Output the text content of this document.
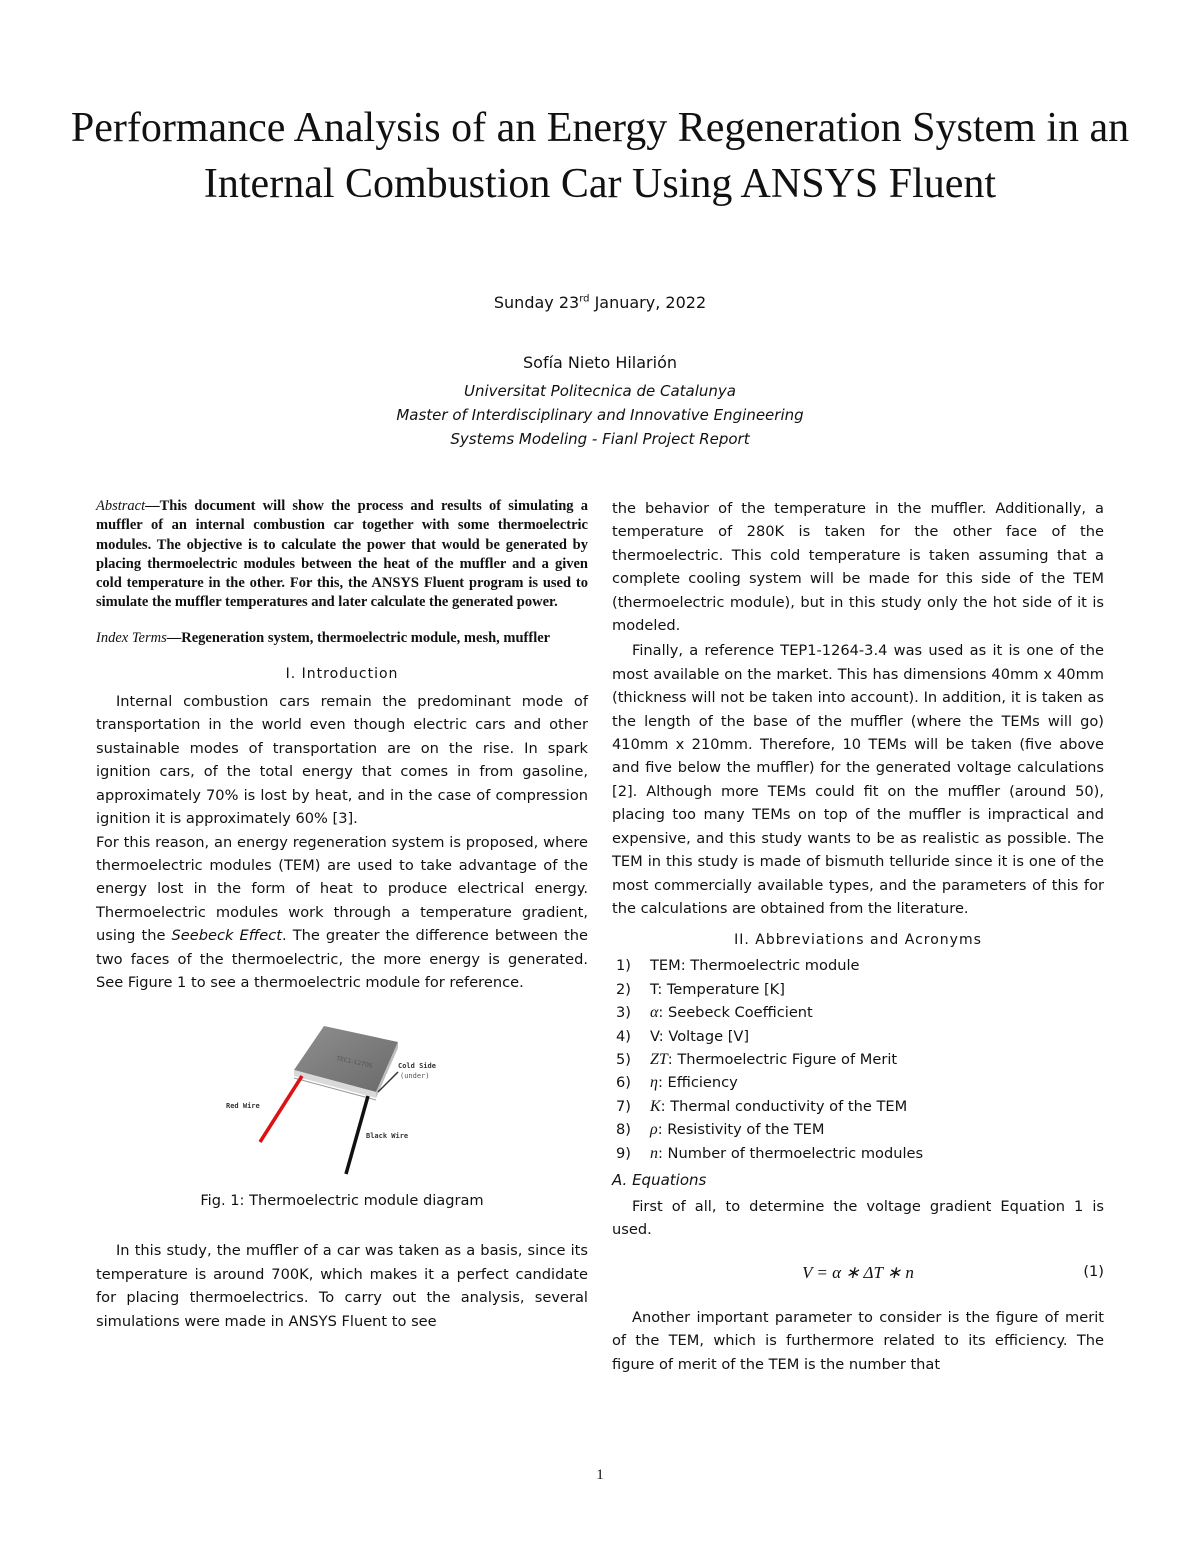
Performance Analysis of an Energy Regeneration System in an Internal Combustion Car Using ANSYS Fluent
Sunday 23rd January, 2022
Sofía Nieto Hilarión
Universitat Politecnica de Catalunya
Master of Interdisciplinary and Innovative Engineering
Systems Modeling - Fianl Project Report

Abstract—This document will show the process and results of simulating a muffler of an internal combustion car together with some thermoelectric modules. The objective is to calculate the power that would be generated by placing thermoelectric modules between the heat of the muffler and a given cold temperature in the other. For this, the ANSYS Fluent program is used to simulate the muffler temperatures and later calculate the generated power.

Index Terms—Regeneration system, thermoelectric module, mesh, muffler

I. Introduction

Internal combustion cars remain the predominant mode of transportation in the world even though electric cars and other sustainable modes of transportation are on the rise. In spark ignition cars, of the total energy that comes in from gasoline, approximately 70% is lost by heat, and in the case of compression ignition it is approximately 60% [3].

For this reason, an energy regeneration system is proposed, where thermoelectric modules (TEM) are used to take advantage of the energy lost in the form of heat to produce electrical energy. Thermoelectric modules work through a temperature gradient, using the Seebeck Effect. The greater the difference between the two faces of the thermoelectric, the more energy is generated. See Figure 1 to see a thermoelectric module for reference.

TEC1-12706	Cold Side
(under)
Red Wire
Black Wire
Fig. 1: Thermoelectric module diagram

In this study, the muffler of a car was taken as a basis, since its temperature is around 700K, which makes it a perfect candidate for placing thermoelectrics. To carry out the analysis, several simulations were made in ANSYS Fluent to see

the behavior of the temperature in the muffler. Additionally, a temperature of 280K is taken for the other face of the thermoelectric. This cold temperature is taken assuming that a complete cooling system will be made for this side of the TEM (thermoelectric module), but in this study only the hot side of it is modeled.

Finally, a reference TEP1-1264-3.4 was used as it is one of the most available on the market. This has dimensions 40mm x 40mm (thickness will not be taken into account). In addition, it is taken as the length of the base of the muffler (where the TEMs will go) 410mm x 210mm. Therefore, 10 TEMs will be taken (five above and five below the muffler) for the generated voltage calculations [2]. Although more TEMs could fit on the muffler (around 50), placing too many TEMs on top of the muffler is impractical and expensive, and this study wants to be as realistic as possible. The TEM in this study is made of bismuth telluride since it is one of the most commercially available types, and the parameters of this for the calculations are obtained from the literature.

II. Abbreviations and Acronyms

1) TEM: Thermoelectric module
2) T: Temperature [K]
3) α: Seebeck Coefficient
4) V: Voltage [V]
5) ZT: Thermoelectric Figure of Merit
6) η: Efficiency
7) K: Thermal conductivity of the TEM
8) ρ: Resistivity of the TEM
9) n: Number of thermoelectric modules

A. Equations

First of all, to determine the voltage gradient Equation 1 is used.

V = α ∗ ΔT ∗ n	(1)

Another important parameter to consider is the figure of merit of the TEM, which is furthermore related to its efficiency. The figure of merit of the TEM is the number that

1
